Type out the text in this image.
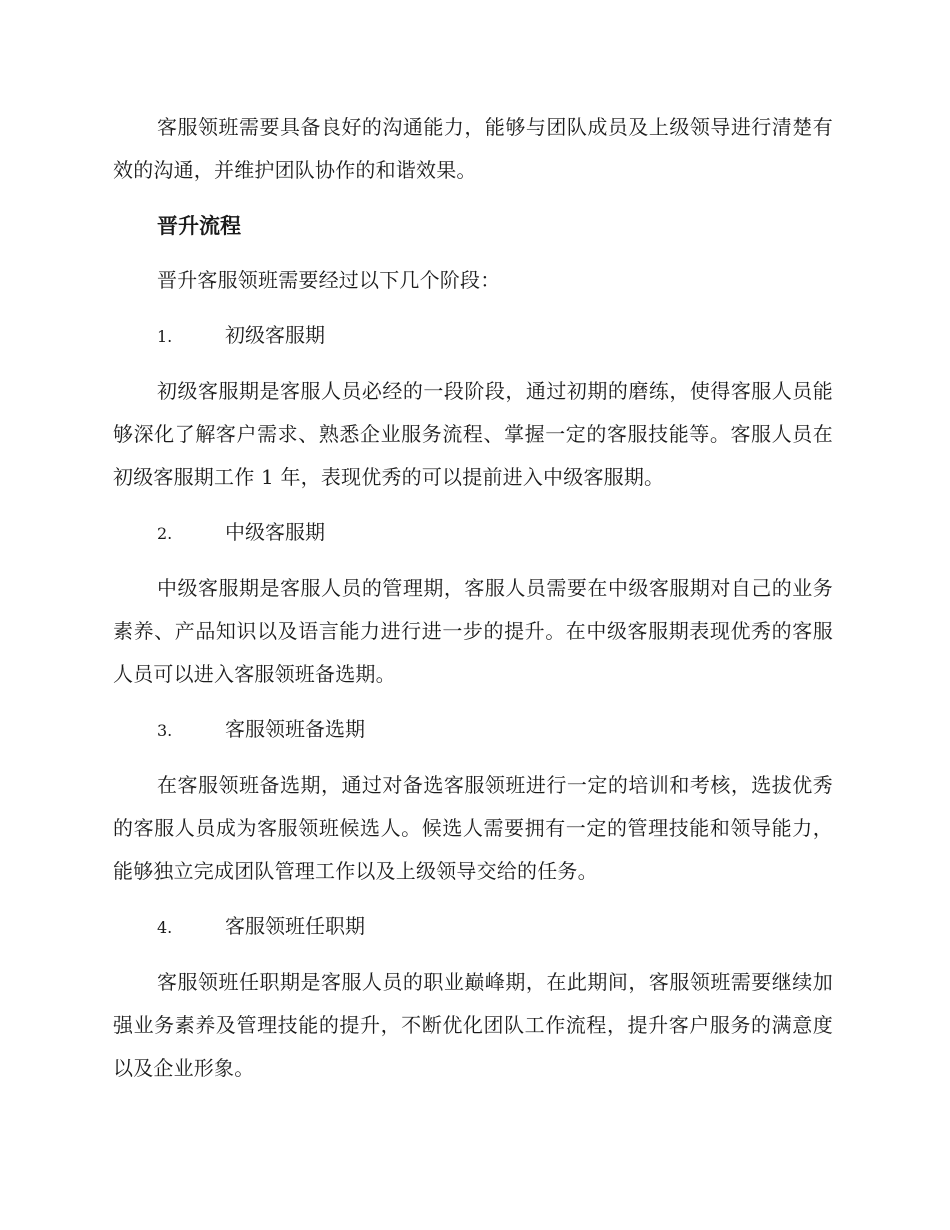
客服领班需要具备良好的沟通能力，能够与团队成员及上级领导进行清楚有效的沟通，并维护团队协作的和谐效果。

晋升流程

晋升客服领班需要经过以下几个阶段：

1.	初级客服期

初级客服期是客服人员必经的一段阶段，通过初期的磨练，使得客服人员能够深化了解客户需求、熟悉企业服务流程、掌握一定的客服技能等。客服人员在初级客服期工作 1 年，表现优秀的可以提前进入中级客服期。

2.	中级客服期

中级客服期是客服人员的管理期，客服人员需要在中级客服期对自己的业务素养、产品知识以及语言能力进行进一步的提升。在中级客服期表现优秀的客服人员可以进入客服领班备选期。

3.	客服领班备选期

在客服领班备选期，通过对备选客服领班进行一定的培训和考核，选拔优秀的客服人员成为客服领班候选人。候选人需要拥有一定的管理技能和领导能力，能够独立完成团队管理工作以及上级领导交给的任务。

4.	客服领班任职期

客服领班任职期是客服人员的职业巅峰期，在此期间，客服领班需要继续加强业务素养及管理技能的提升，不断优化团队工作流程，提升客户服务的满意度以及企业形象。
